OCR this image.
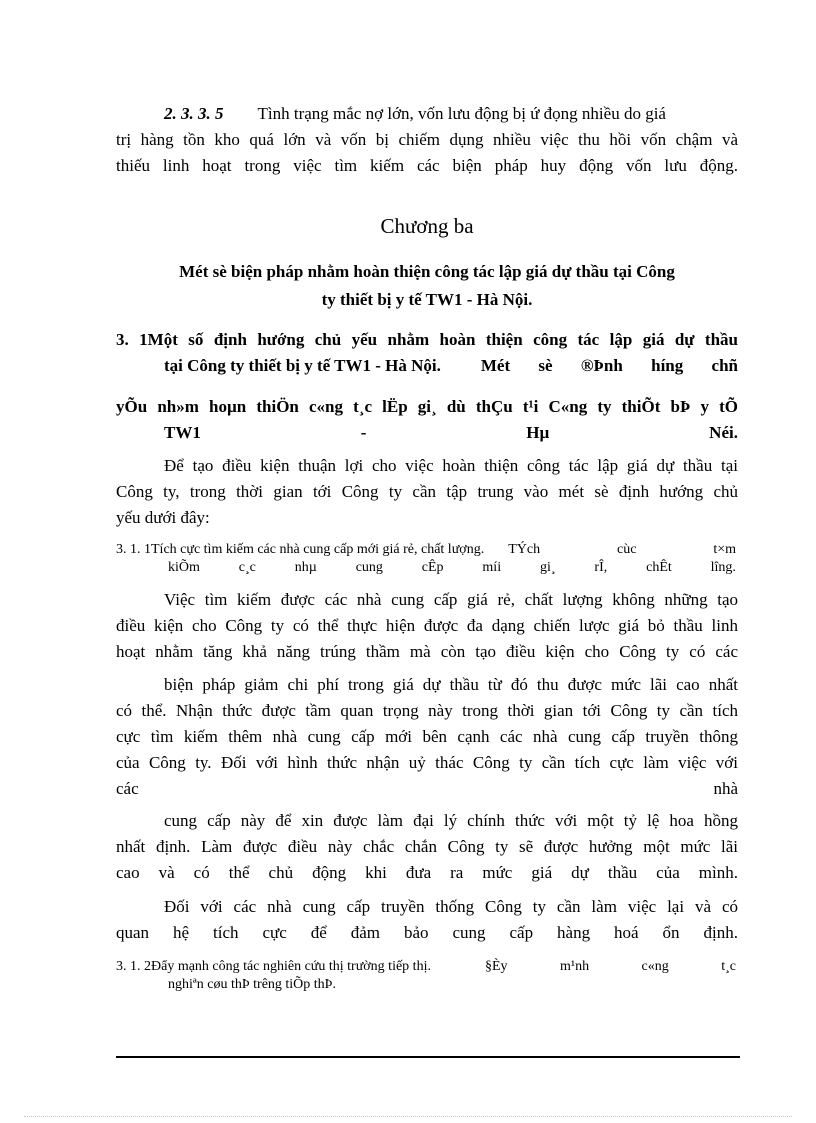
2. 3. 3. 5 Tình trạng mắc nợ lớn, vốn lưu động bị ứ đọng nhiều do giá
trị hàng tồn kho quá lớn và vốn bị chiếm dụng nhiều việc thu hồi vốn chậm và
thiếu linh hoạt trong việc tìm kiếm các biện pháp huy động vốn lưu động.
Chương ba
Mét sè biện pháp nhằm hoàn thiện công tác lập giá dự thầu tại Công
ty thiết bị y tế TW1 - Hà Nội.
3. 1Một số định hướng chủ yếu nhằm hoàn thiện công tác lập giá dự thầu
tại Công ty thiết bị y tế TW1 - Hà Nội. Mét sè ®Þnh híng chñ
yÕu nh»m hoµn thiÖn c«ng t¸c lËp gi¸ dù thÇu t¹i C«ng ty thiÕt bÞ y tÕ
TW1	-	Hµ	Néi.
Để tạo điều kiện thuận lợi cho việc hoàn thiện công tác lập giá dự thầu tại
Công ty, trong thời gian tới Công ty cần tập trung vào mét sè định hướng chủ
yếu dưới đây:
3. 1. 1Tích cực tìm kiếm các nhà cung cấp mới giá rẻ, chất lượng. TÝch cùc t×m
kiÕm	c¸c	nhµ	cung	cÊp	míi	gi¸	rÎ,	chÊt	lîng.
Việc tìm kiếm được các nhà cung cấp giá rẻ, chất lượng không những tạo
điều kiện cho Công ty có thể thực hiện được đa dạng chiến lược giá bỏ thầu linh
hoạt nhằm tăng khả năng trúng thầm mà còn tạo điều kiện cho Công ty có các
biện pháp giảm chi phí trong giá dự thầu từ đó thu được mức lãi cao nhất
có thể. Nhận thức được tầm quan trọng này trong thời gian tới Công ty cần tích
cực tìm kiếm thêm nhà cung cấp mới bên cạnh các nhà cung cấp truyền thông
của Công ty. Đối với hình thức nhận uỷ thác Công ty cần tích cực làm việc với
các	nhà
cung cấp này để xin được làm đại lý chính thức với một tỷ lệ hoa hồng
nhất định. Làm được điều này chắc chắn Công ty sẽ được hưởng một mức lãi
cao và có thể chủ động khi đưa ra mức giá dự thầu của mình.
Đối với các nhà cung cấp truyền thống Công ty cần làm việc lại và có
quan hệ tích cực để đảm bảo cung cấp hàng hoá ổn định.
3. 1. 2Đẩy mạnh công tác nghiên cứu thị trường tiếp thị.	§Èy m¹nh c«ng t¸c
nghiªn cøu thÞ trêng tiÕp thÞ.
